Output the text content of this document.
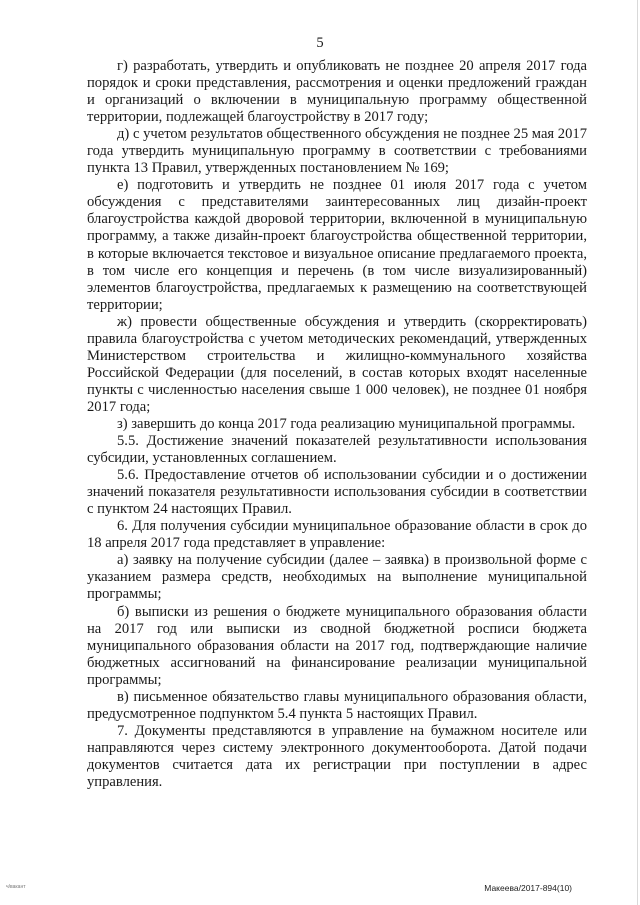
5

г) разработать, утвердить и опубликовать не позднее 20 апреля 2017 года порядок и сроки представления, рассмотрения и оценки предложений граждан и организаций о включении в муниципальную программу общественной территории, подлежащей благоустройству в 2017 году;

д) с учетом результатов общественного обсуждения не позднее 25 мая 2017 года утвердить муниципальную программу в соответствии с требованиями пункта 13 Правил, утвержденных постановлением № 169;

е) подготовить и утвердить не позднее 01 июля 2017 года с учетом обсуждения с представителями заинтересованных лиц дизайн-проект благоустройства каждой дворовой территории, включенной в муниципальную программу, а также дизайн-проект благоустройства общественной территории, в которые включается текстовое и визуальное описание предлагаемого проекта, в том числе его концепция и перечень (в том числе визуализированный) элементов благоустройства, предлагаемых к размещению на соответствующей территории;

ж) провести общественные обсуждения и утвердить (скорректировать) правила благоустройства с учетом методических рекомендаций, утвержденных Министерством строительства и жилищно-коммунального хозяйства Российской Федерации (для поселений, в состав которых входят населенные пункты с численностью населения свыше 1 000 человек), не позднее 01 ноября 2017 года;

з) завершить до конца 2017 года реализацию муниципальной программы.

5.5. Достижение значений показателей результативности использования субсидии, установленных соглашением.

5.6. Предоставление отчетов об использовании субсидии и о достижении значений показателя результативности использования субсидии в соответствии с пунктом 24 настоящих Правил.

6. Для получения субсидии муниципальное образование области в срок до 18 апреля 2017 года представляет в управление:

а) заявку на получение субсидии (далее – заявка) в произвольной форме с указанием размера средств, необходимых на выполнение муниципальной программы;

б) выписки из решения о бюджете муниципального образования области на 2017 год или выписки из сводной бюджетной росписи бюджета муниципального образования области на 2017 год, подтверждающие наличие бюджетных ассигнований на финансирование реализации муниципальной программы;

в) письменное обязательство главы муниципального образования области, предусмотренное подпунктом 5.4 пункта 5 настоящих Правил.

7. Документы представляются в управление на бумажном носителе или направляются через систему электронного документооборота. Датой подачи документов считается дата их регистрации при поступлении в адрес управления.

Макеева/2017-894(10)
ч/вакант
